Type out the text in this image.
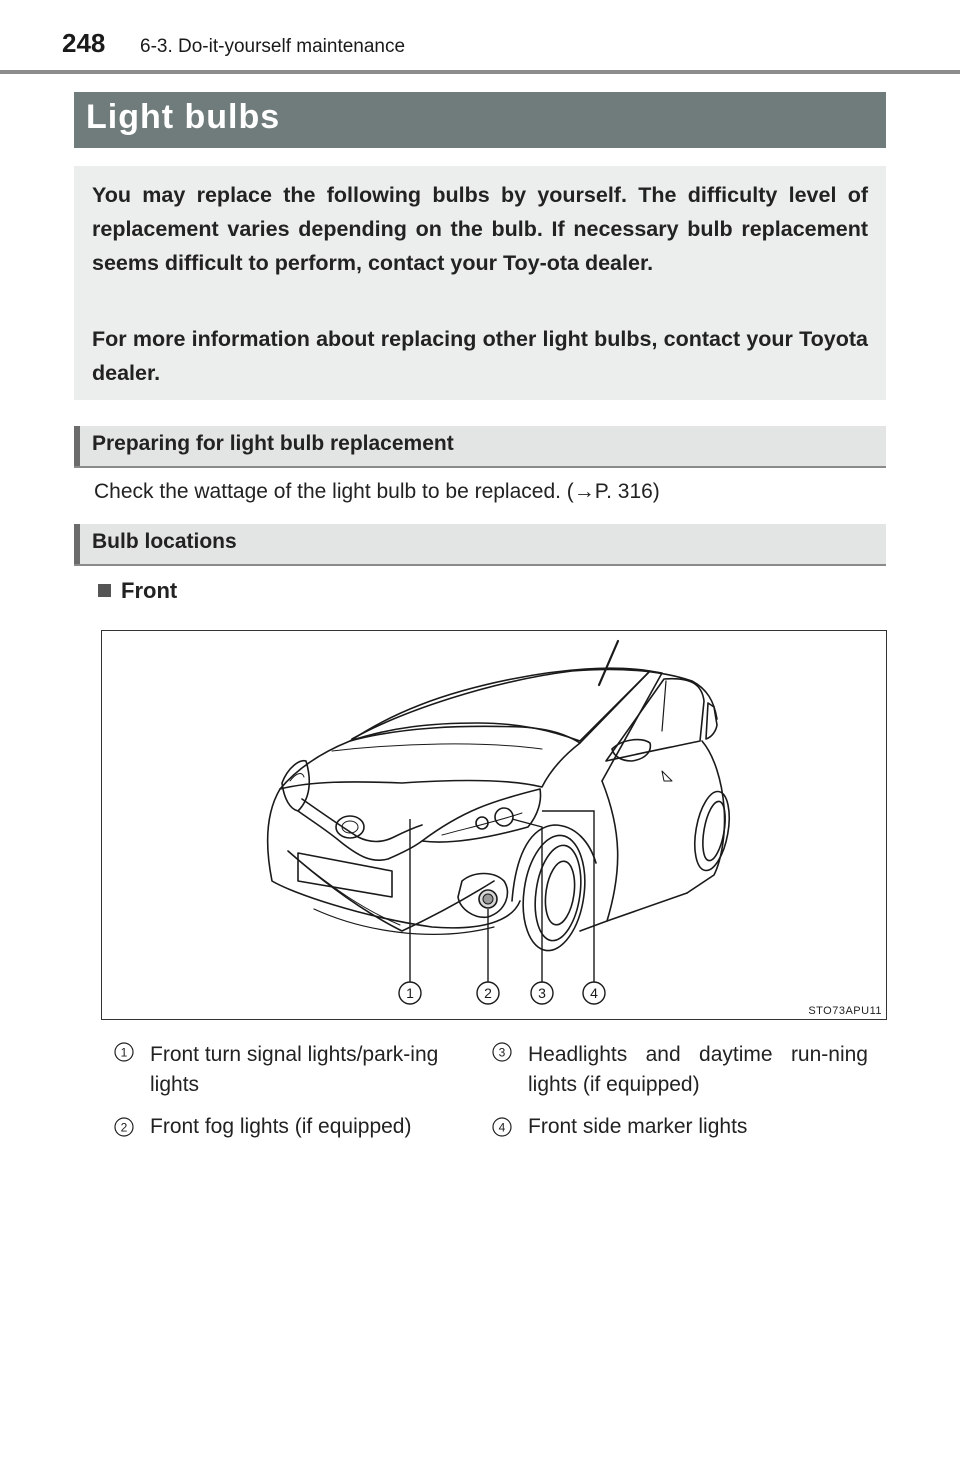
248 6-3. Do-it-yourself maintenance
Light bulbs

You may replace the following bulbs by yourself. The difficulty level of replacement varies depending on the bulb. If necessary bulb replacement seems difficult to perform, contact your Toy-ota dealer.

For more information about replacing other light bulbs, contact your Toyota dealer.

Preparing for light bulb replacement
Check the wattage of the light bulb to be replaced. (→P. 316)
Bulb locations
Front
1	2	3	4
STO73APU11
1 Front turn signal lights/park-ing lights
2 Front fog lights (if equipped)
3 Headlights and daytime run-ning lights (if equipped)
4 Front side marker lights
